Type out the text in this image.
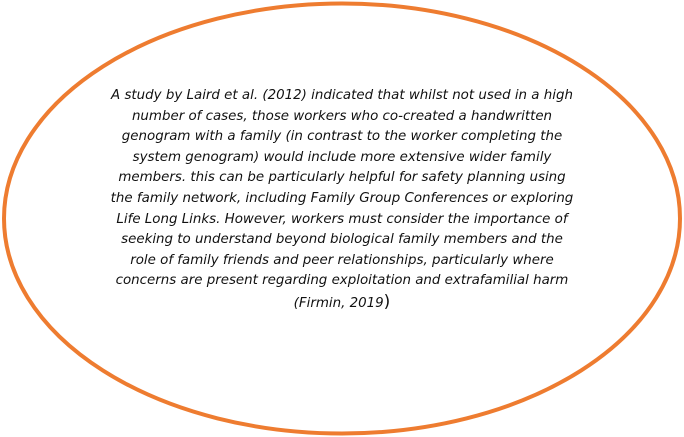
A study by Laird et al. (2012) indicated that whilst not used in a high
number of cases, those workers who co-created a handwritten
genogram with a family (in contrast to the worker completing the
system genogram) would include more extensive wider family
members. this can be particularly helpful for safety planning using
the family network, including Family Group Conferences or exploring
Life Long Links. However, workers must consider the importance of
seeking to understand beyond biological family members and the
role of family friends and peer relationships, particularly where
concerns are present regarding exploitation and extrafamilial harm
(Firmin, 2019)
